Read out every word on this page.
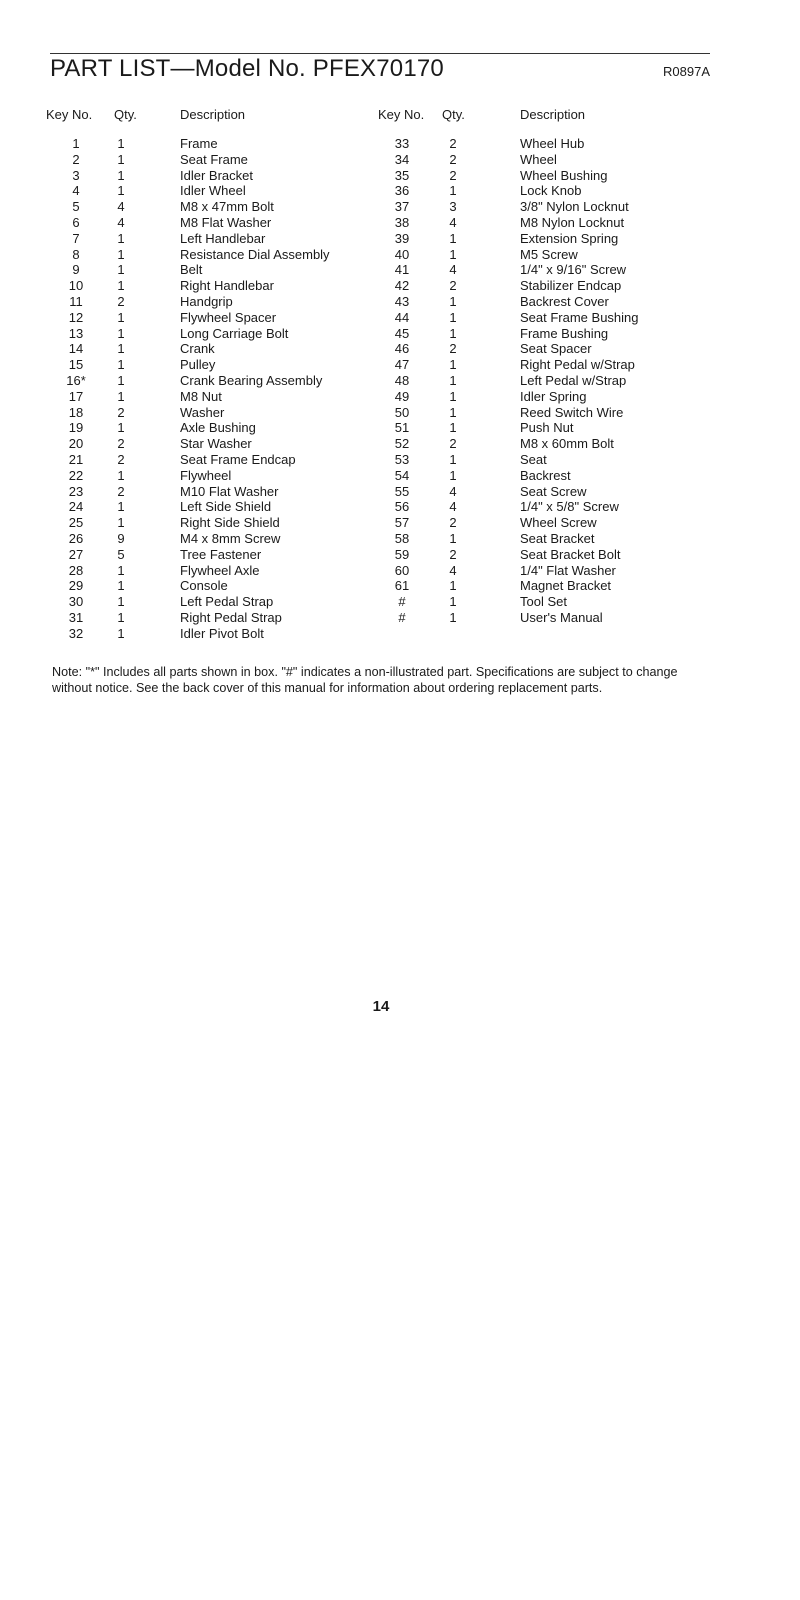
PART LIST—Model No. PFEX70170	R0897A
Key No. Qty.	Description
1	1	Frame
2	1	Seat Frame
3	1	Idler Bracket
4	1	Idler Wheel
5	4	M8 x 47mm Bolt
6	4	M8 Flat Washer
7	1	Left Handlebar
8	1	Resistance Dial Assembly
9	1	Belt
10	1	Right Handlebar
11	2	Handgrip
12	1	Flywheel Spacer
13	1	Long Carriage Bolt
14	1	Crank
15	1	Pulley
16*	1	Crank Bearing Assembly
17	1	M8 Nut
18	2	Washer
19	1	Axle Bushing
20	2	Star Washer
21	2	Seat Frame Endcap
22	1	Flywheel
23	2	M10 Flat Washer
24	1	Left Side Shield
25	1	Right Side Shield
26	9	M4 x 8mm Screw
27	5	Tree Fastener
28	1	Flywheel Axle
29	1	Console
30	1	Left Pedal Strap
31	1	Right Pedal Strap
32	1	Idler Pivot Bolt
Key No. Qty.	Description
33	2	Wheel Hub
34	2	Wheel
35	2	Wheel Bushing
36	1	Lock Knob
37	3	3/8" Nylon Locknut
38	4	M8 Nylon Locknut
39	1	Extension Spring
40	1	M5 Screw
41	4	1/4" x 9/16" Screw
42	2	Stabilizer Endcap
43	1	Backrest Cover
44	1	Seat Frame Bushing
45	1	Frame Bushing
46	2	Seat Spacer
47	1	Right Pedal w/Strap
48	1	Left Pedal w/Strap
49	1	Idler Spring
50	1	Reed Switch Wire
51	1	Push Nut
52	2	M8 x 60mm Bolt
53	1	Seat
54	1	Backrest
55	4	Seat Screw
56	4	1/4" x 5/8" Screw
57	2	Wheel Screw
58	1	Seat Bracket
59	2	Seat Bracket Bolt
60	4	1/4" Flat Washer
61	1	Magnet Bracket
#	1	Tool Set
#	1	User's Manual

Note: "*" Includes all parts shown in box. "#" indicates a non-illustrated part. Specifications are subject to change without notice. See the back cover of this manual for information about ordering replacement parts.

14
